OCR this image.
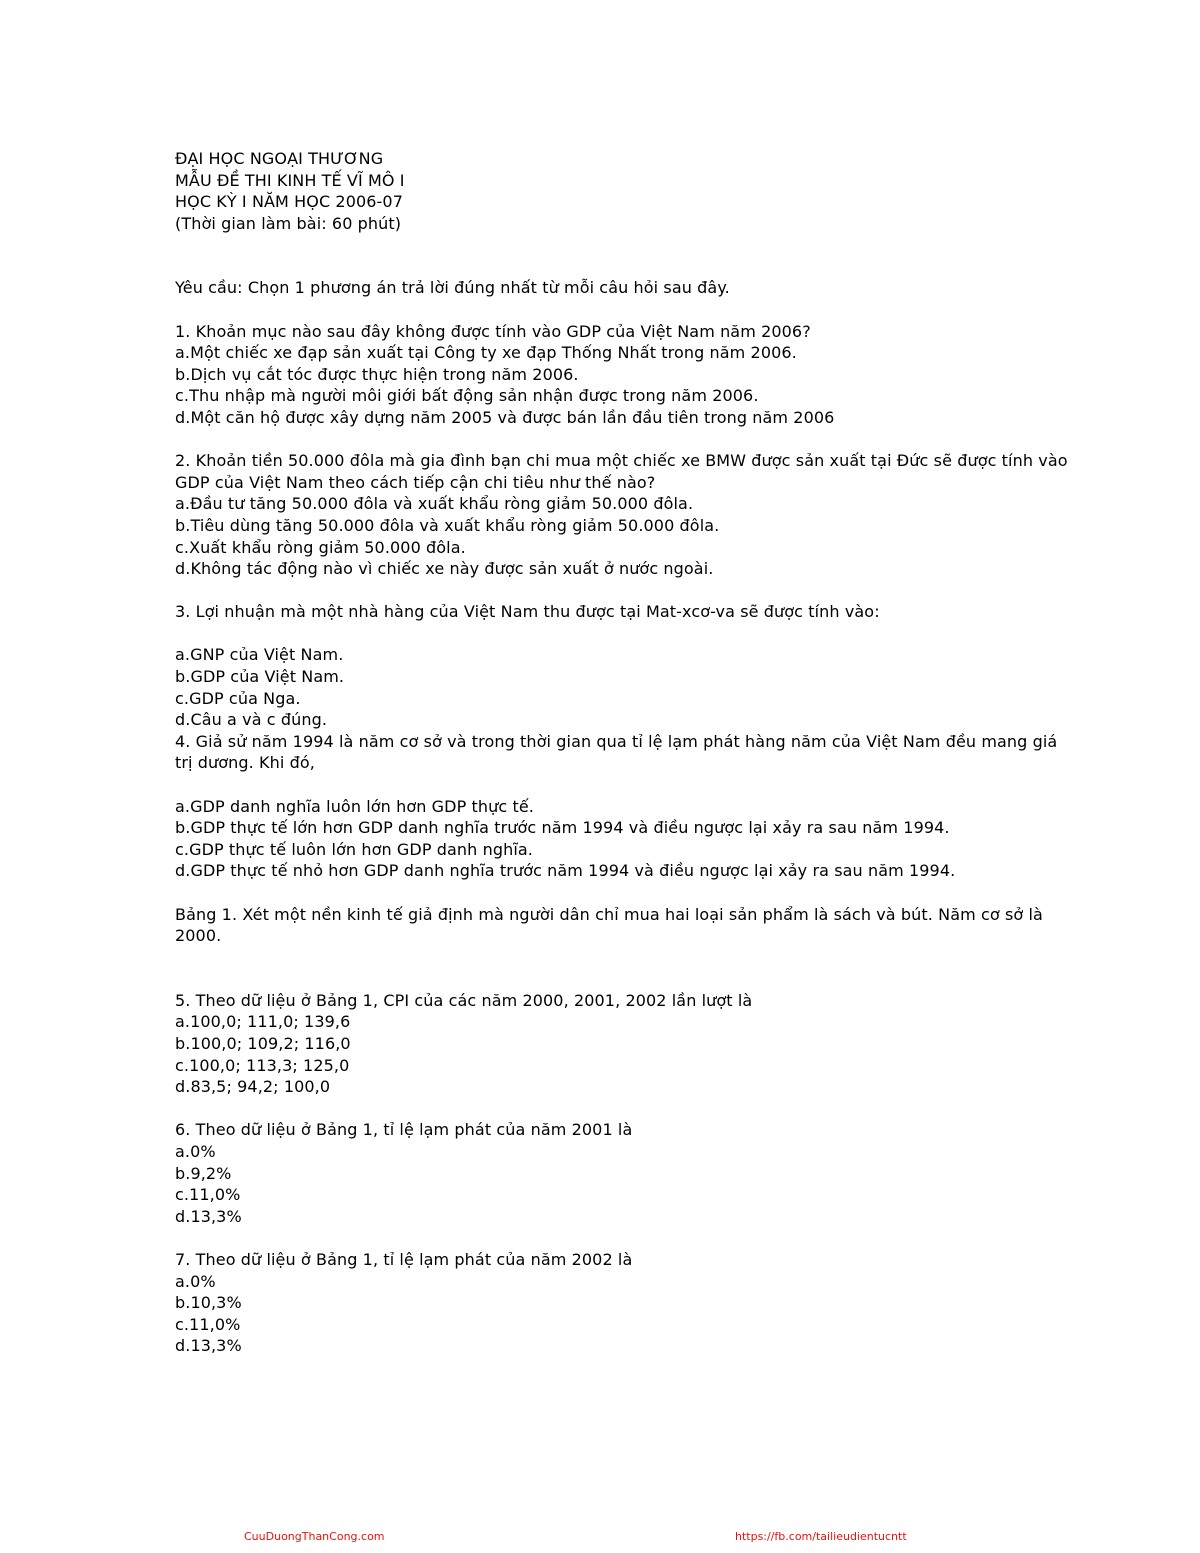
ĐẠI HỌC NGOẠI THƯƠNG
MẪU ĐỀ THI KINH TẾ VĨ MÔ I
HỌC KỲ I NĂM HỌC 2006-07
(Thời gian làm bài: 60 phút)
Yêu cầu: Chọn 1 phương án trả lời đúng nhất từ mỗi câu hỏi sau đây.
1. Khoản mục nào sau đây không được tính vào GDP của Việt Nam năm 2006?
a.Một chiếc xe đạp sản xuất tại Công ty xe đạp Thống Nhất trong năm 2006.
b.Dịch vụ cắt tóc được thực hiện trong năm 2006.
c.Thu nhập mà người môi giới bất động sản nhận được trong năm 2006.
d.Một căn hộ được xây dựng năm 2005 và được bán lần đầu tiên trong năm 2006
2. Khoản tiền 50.000 đôla mà gia đình bạn chi mua một chiếc xe BMW được sản xuất tại Đức sẽ được tính vào GDP của Việt Nam theo cách tiếp cận chi tiêu như thế nào?
a.Đầu tư tăng 50.000 đôla và xuất khẩu ròng giảm 50.000 đôla.
b.Tiêu dùng tăng 50.000 đôla và xuất khẩu ròng giảm 50.000 đôla.
c.Xuất khẩu ròng giảm 50.000 đôla.
d.Không tác động nào vì chiếc xe này được sản xuất ở nước ngoài.
3. Lợi nhuận mà một nhà hàng của Việt Nam thu được tại Mat-xcơ-va sẽ được tính vào:
a.GNP của Việt Nam.
b.GDP của Việt Nam.
c.GDP của Nga.
d.Câu a và c đúng.
4. Giả sử năm 1994 là năm cơ sở và trong thời gian qua tỉ lệ lạm phát hàng năm của Việt Nam đều mang giá trị dương. Khi đó,
a.GDP danh nghĩa luôn lớn hơn GDP thực tế.
b.GDP thực tế lớn hơn GDP danh nghĩa trước năm 1994 và điều ngược lại xảy ra sau năm 1994.
c.GDP thực tế luôn lớn hơn GDP danh nghĩa.
d.GDP thực tế nhỏ hơn GDP danh nghĩa trước năm 1994 và điều ngược lại xảy ra sau năm 1994.
Bảng 1. Xét một nền kinh tế giả định mà người dân chỉ mua hai loại sản phẩm là sách và bút. Năm cơ sở là 2000.
5. Theo dữ liệu ở Bảng 1, CPI của các năm 2000, 2001, 2002 lần lượt là
a.100,0; 111,0; 139,6
b.100,0; 109,2; 116,0
c.100,0; 113,3; 125,0
d.83,5; 94,2; 100,0
6. Theo dữ liệu ở Bảng 1, tỉ lệ lạm phát của năm 2001 là
a.0%
b.9,2%
c.11,0%
d.13,3%
7. Theo dữ liệu ở Bảng 1, tỉ lệ lạm phát của năm 2002 là
a.0%
b.10,3%
c.11,0%
d.13,3%
CuuDuongThanCong.com	https://fb.com/tailieudientucntt
